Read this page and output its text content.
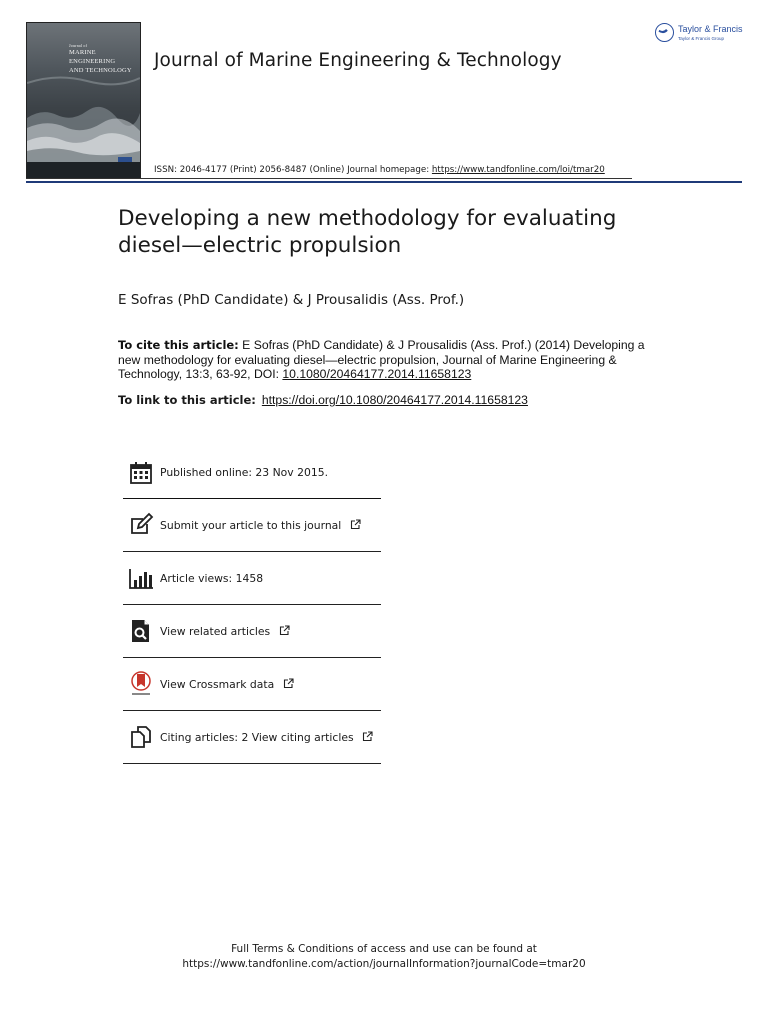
Journal of
MARINE ENGINEERING
AND TECHNOLOGY Journal of Marine Engineering & Technology
Taylor & Francis
Taylor & Francis Group
ISSN: 2046-4177 (Print) 2056-8487 (Online) Journal homepage: https://www.tandfonline.com/loi/tmar20
Developing a new methodology for evaluating diesel—electric propulsion
E Sofras (PhD Candidate) & J Prousalidis (Ass. Prof.)
To cite this article: E Sofras (PhD Candidate) & J Prousalidis (Ass. Prof.) (2014) Developing a new methodology for evaluating diesel—electric propulsion, Journal of Marine Engineering & Technology, 13:3, 63-92, DOI: 10.1080/20464177.2014.11658123
To link to this article: https://doi.org/10.1080/20464177.2014.11658123
Published online: 23 Nov 2015.
Submit your article to this journal
Article views: 1458
View related articles
View Crossmark data
Citing articles: 2 View citing articles
Full Terms & Conditions of access and use can be found at
https://www.tandfonline.com/action/journalInformation?journalCode=tmar20
